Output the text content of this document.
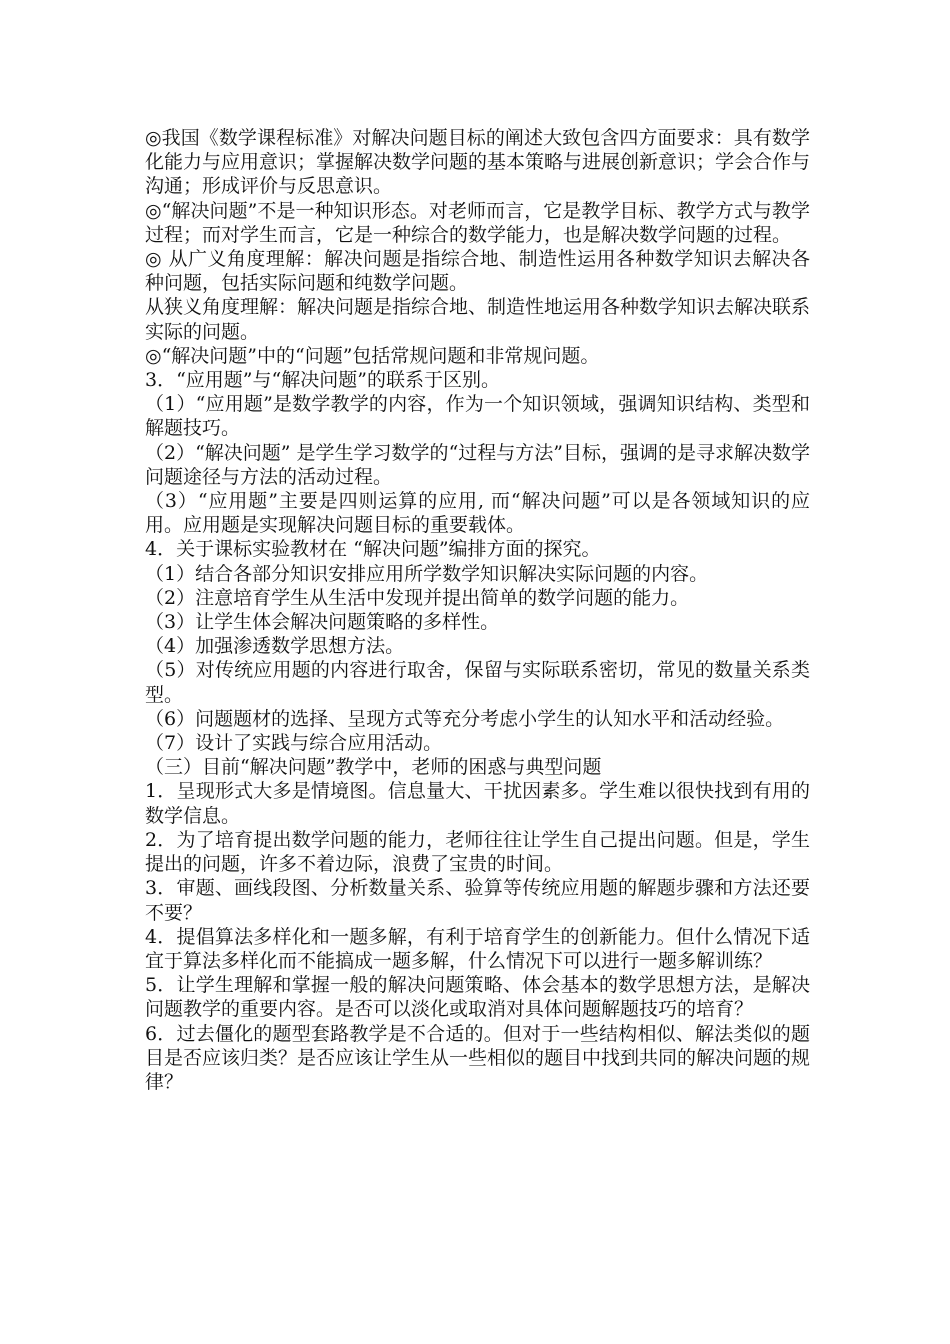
◎我国《数学课程标准》对解决问题目标的阐述大致包含四方面要求：具有数学化能力与应用意识；掌握解决数学问题的基本策略与进展创新意识；学会合作与沟通；形成评价与反思意识。

◎“解决问题”不是一种知识形态。对老师而言，它是教学目标、教学方式与教学过程；而对学生而言，它是一种综合的数学能力，也是解决数学问题的过程。

◎ 从广义角度理解：解决问题是指综合地、制造性运用各种数学知识去解决各种问题，包括实际问题和纯数学问题。

从狭义角度理解：解决问题是指综合地、制造性地运用各种数学知识去解决联系实际的问题。

◎“解决问题”中的“问题”包括常规问题和非常规问题。

3．“应用题”与“解决问题”的联系于区别。

（1）“应用题”是数学教学的内容，作为一个知识领域，强调知识结构、类型和解题技巧。

（2）“解决问题” 是学生学习数学的“过程与方法”目标，强调的是寻求解决数学问题途径与方法的活动过程。

（3）“应用题”主要是四则运算的应用, 而“解决问题”可以是各领域知识的应用。应用题是实现解决问题目标的重要载体。

4．关于课标实验教材在 “解决问题”编排方面的探究。

（1）结合各部分知识安排应用所学数学知识解决实际问题的内容。

（2）注意培育学生从生活中发现并提出简单的数学问题的能力。

（3）让学生体会解决问题策略的多样性。

（4）加强渗透数学思想方法。

（5）对传统应用题的内容进行取舍，保留与实际联系密切，常见的数量关系类型。

（6）问题题材的选择、呈现方式等充分考虑小学生的认知水平和活动经验。

（7）设计了实践与综合应用活动。

（三）目前“解决问题”教学中，老师的困惑与典型问题

1．呈现形式大多是情境图。信息量大、干扰因素多。学生难以很快找到有用的数学信息。

2．为了培育提出数学问题的能力，老师往往让学生自己提出问题。但是，学生提出的问题，许多不着边际，浪费了宝贵的时间。

3．审题、画线段图、分析数量关系、验算等传统应用题的解题步骤和方法还要不要？

4．提倡算法多样化和一题多解，有利于培育学生的创新能力。但什么情况下适宜于算法多样化而不能搞成一题多解，什么情况下可以进行一题多解训练？

5．让学生理解和掌握一般的解决问题策略、体会基本的数学思想方法，是解决问题教学的重要内容。是否可以淡化或取消对具体问题解题技巧的培育？

6．过去僵化的题型套路教学是不合适的。但对于一些结构相似、解法类似的题目是否应该归类？是否应该让学生从一些相似的题目中找到共同的解决问题的规律？
